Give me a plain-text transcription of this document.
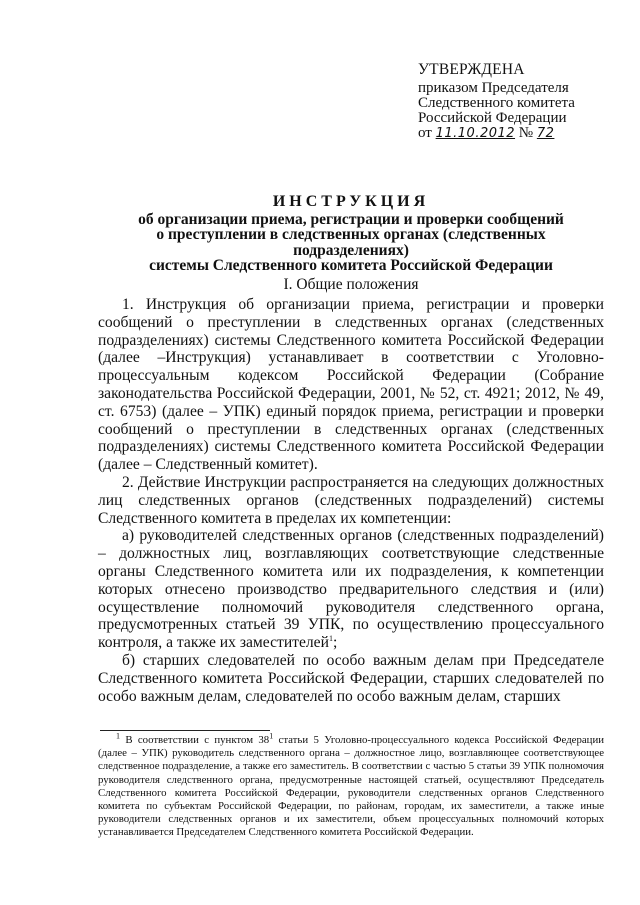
УТВЕРЖДЕНА
приказом Председателя
Следственного комитета
Российской Федерации
от 11.10.2012 № 72
ИНСТРУКЦИЯ
об организации приема, регистрации и проверки сообщений
о преступлении в следственных органах (следственных подразделениях)
системы Следственного комитета Российской Федерации
I. Общие положения

1. Инструкция об организации приема, регистрации и проверки сообщений о преступлении в следственных органах (следственных подразделениях) системы Следственного комитета Российской Федерации (далее –Инструкция) устанавливает в соответствии с Уголовно-процессуальным кодексом Российской Федерации (Собрание законодательства Российской Федерации, 2001, № 52, ст. 4921; 2012, № 49, ст. 6753) (далее – УПК) единый порядок приема, регистрации и проверки сообщений о преступлении в следственных органах (следственных подразделениях) системы Следственного комитета Российской Федерации (далее – Следственный комитет).

2. Действие Инструкции распространяется на следующих должностных лиц следственных органов (следственных подразделений) системы Следственного комитета в пределах их компетенции:

а) руководителей следственных органов (следственных подразделений) – должностных лиц, возглавляющих соответствующие следственные органы Следственного комитета или их подразделения, к компетенции которых отнесено производство предварительного следствия и (или) осуществление полномочий руководителя следственного органа, предусмотренных статьей 39 УПК, по осуществлению процессуального контроля, а также их заместителей$^1$;

б) старших следователей по особо важным делам при Председателе Следственного комитета Российской Федерации, старших следователей по особо важным делам, следователей по особо важным делам, старших

$^1$ В соответствии с пунктом $38^1$ статьи 5 Уголовно-процессуального кодекса Российской Федерации (далее – УПК) руководитель следственного органа – должностное лицо, возглавляющее соответствующее следственное подразделение, а также его заместитель. В соответствии с частью 5 статьи 39 УПК полномочия руководителя следственного органа, предусмотренные настоящей статьей, осуществляют Председатель Следственного комитета Российской Федерации, руководители следственных органов Следственного комитета по субъектам Российской Федерации, по районам, городам, их заместители, а также иные руководители следственных органов и их заместители, объем процессуальных полномочий которых устанавливается Председателем Следственного комитета Российской Федерации.
